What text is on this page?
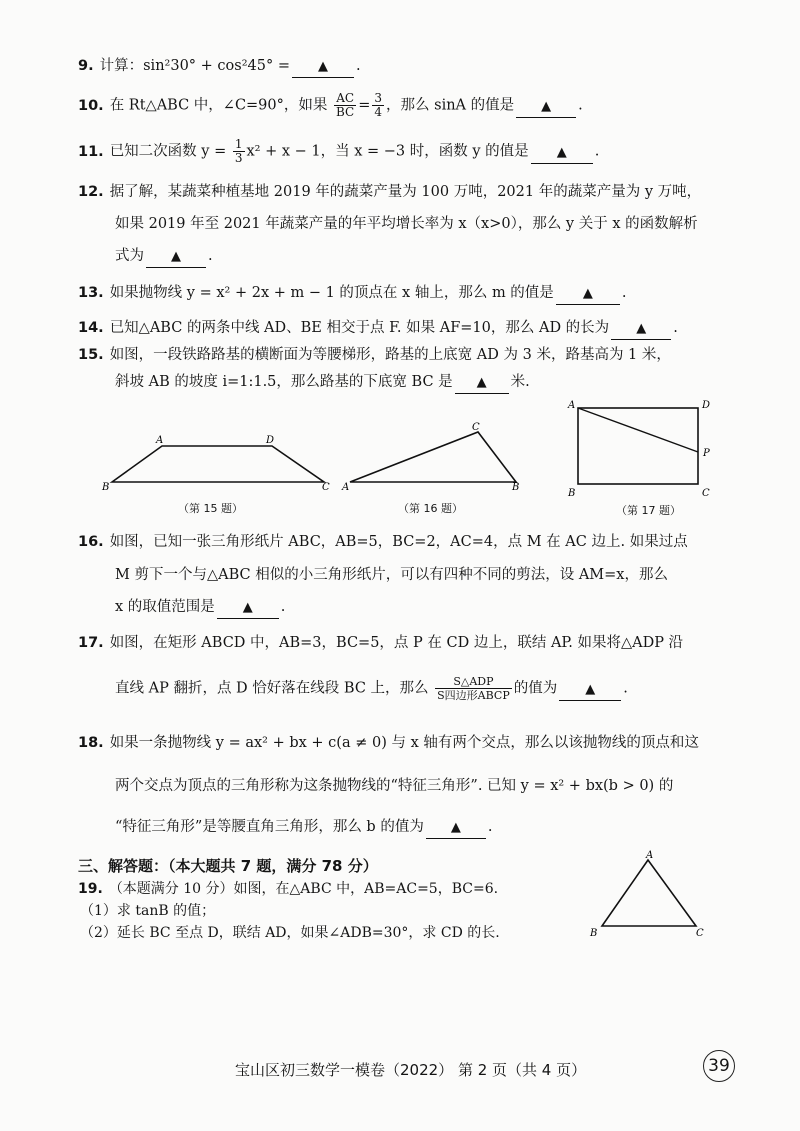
9. 计算：sin²30° + cos²45° = ▲ .
10. 在 Rt△ABC 中，∠C=90°，如果 $\frac{AC}{BC} = \frac{3}{4}$ ，那么 sinA 的值是 ▲ .
11. 已知二次函数 $y = \frac{1}{3} x^2 + x - 1$，当 x = −3 时，函数 y 的值是 ▲ .
12. 据了解，某蔬菜种植基地 2019 年的蔬菜产量为 100 万吨，2021 年的蔬菜产量为 y 万吨，
如果 2019 年至 2021 年蔬菜产量的年平均增长率为 x（x>0），那么 y 关于 x 的函数解析
式为 ▲ .
13. 如果抛物线 y = x² + 2x + m − 1 的顶点在 x 轴上，那么 m 的值是 ▲ .
14. 已知△ABC 的两条中线 AD、BE 相交于点 F. 如果 AF=10，那么 AD 的长为 ▲ .
15. 如图，一段铁路路基的横断面为等腰梯形，路基的上底宽 AD 为 3 米，路基高为 1 米，
斜坡 AB 的坡度 i=1:1.5，那么路基的下底宽 BC 是 ▲ 米.
A	D
B	C
（第 15 题）
C
A	B
（第 16 题）
A	D
P
B	C
（第 17 题）
16. 如图，已知一张三角形纸片 ABC，AB=5，BC=2，AC=4，点 M 在 AC 边上. 如果过点
M 剪下一个与△ABC 相似的小三角形纸片，可以有四种不同的剪法，设 AM=x，那么
x 的取值范围是 ▲ .
17. 如图，在矩形 ABCD 中，AB=3，BC=5，点 P 在 CD 边上，联结 AP. 如果将△ADP 沿
直线 AP 翻折，点 D 恰好落在线段 BC 上，那么 $\frac{\text{S△ADP}}{\text{S四边形ABCP}}$ 的值为 ▲ .
18. 如果一条抛物线 y = ax² + bx + c(a ≠ 0) 与 x 轴有两个交点，那么以该抛物线的顶点和这
两个交点为顶点的三角形称为这条抛物线的“特征三角形”. 已知 y = x² + bx(b > 0) 的
“特征三角形”是等腰直角三角形，那么 b 的值为 ▲ .
三、解答题：（本大题共 7 题，满分 78 分）
19. （本题满分 10 分）如图，在△ABC 中，AB=AC=5，BC=6.
（1）求 tanB 的值；
（2）延长 BC 至点 D，联结 AD，如果∠ADB=30°，求 CD 的长.
A
B	C
宝山区初三数学一模卷（2022） 第 2 页（共 4 页）	39
